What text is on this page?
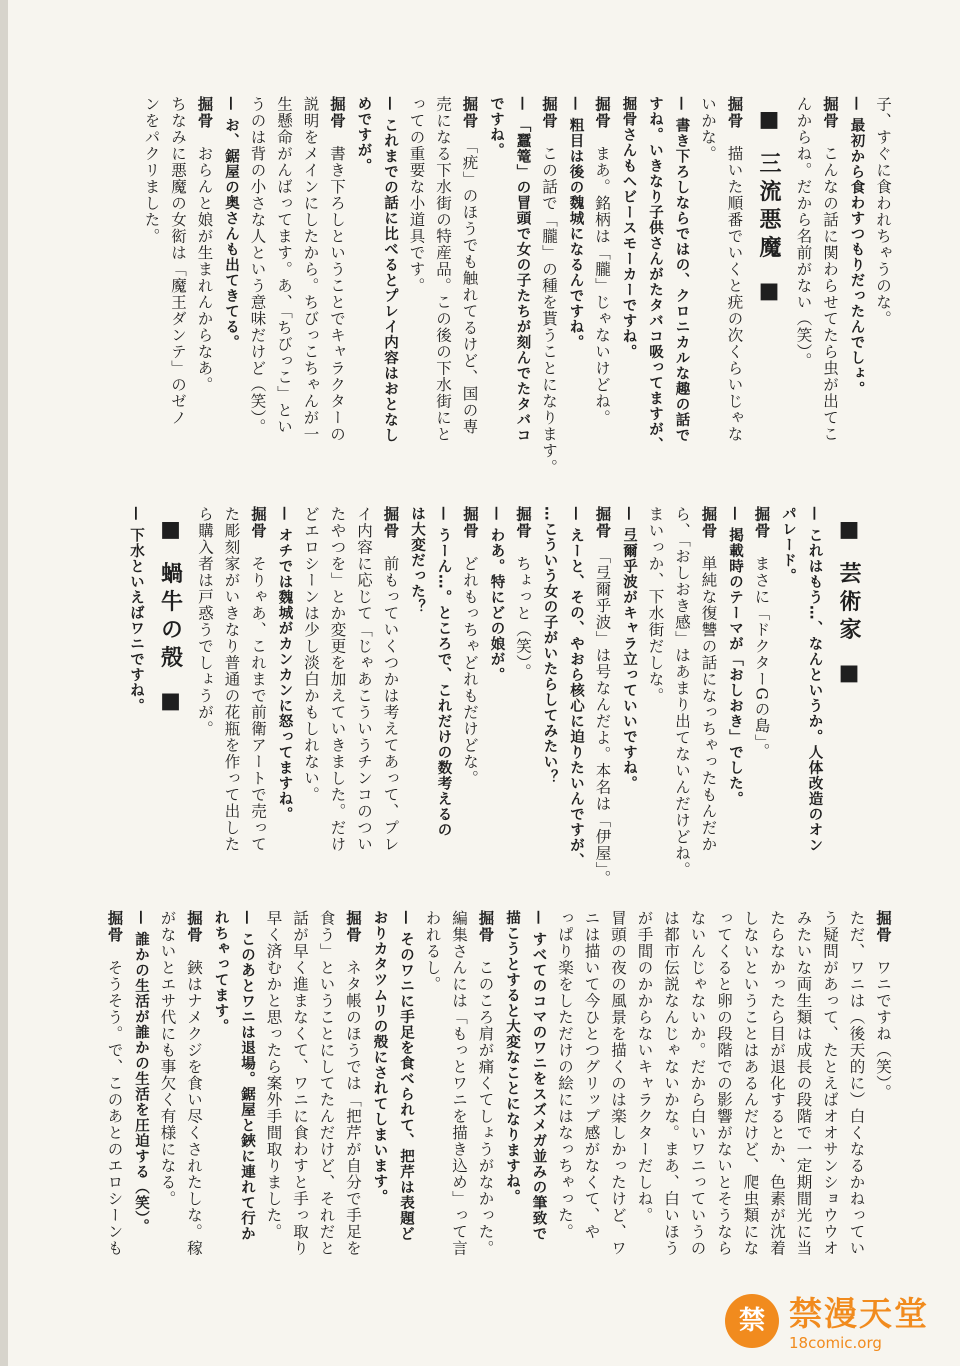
子、すぐに食われちゃうのな。
— 最初から食わすつもりだったんでしょ。
掘骨　こんなの話に関わらせてたら虫が出てこ
んからね。だから名前がない（笑）。
■ 三流悪魔 ■
掘骨　描いた順番でいくと疣の次くらいじゃな
いかな。
— 書き下ろしならではの、クロニカルな趣の話で
すね。いきなり子供さんがたタバコ吸ってますが、
掘骨さんもヘビースモーカーですね。
掘骨　まあ。銘柄は「朧」じゃないけどね。
— 粗目は後の魏城になるんですね。
掘骨　この話で「朧」の種を貰うことになります。
— 「蠶篭」の冒頭で女の子たちが刻んでたタバコ
ですね。
掘骨　「疣」のほうでも触れてるけど、国の専
売になる下水街の特産品。この後の下水街にと
っての重要な小道具です。
— これまでの話に比べるとプレイ内容はおとなし
めですが。
掘骨　書き下ろしということでキャラクターの
説明をメインにしたから。ちびっこちゃんが一
生懸命がんばってます。あ、「ちびっこ」とい
うのは背の小さな人という意味だけど（笑）。
— お、鋸屋の奥さんも出てきてる。
掘骨　おらんと娘が生まれんからなあ。
ちなみに悪魔の女衒は「魔王ダンテ」のゼノ
ンをパクリました。
■ 芸術家 ■
— これはもう…、なんというか。人体改造のオン
パレード。
掘骨　まさに「ドクターGの島」。
— 掲載時のテーマが「おしおき」でした。
掘骨　単純な復讐の話になっちゃったもんだか
ら、「おしおき感」はあまり出てないんだけどね。
まいっか、下水街だしな。
— 弖爾乎波がキャラ立っていいですね。
掘骨　「弖爾乎波」は号なんだよ。本名は「伊屋」。
— えーと、その、やおら核心に迫りたいんですが、
…こういう女の子がいたらしてみたい？
掘骨　ちょっと（笑）。
— わあ。特にどの娘が。
掘骨　どれもっちゃどれもだけどな。
— うーん…。ところで、これだけの数考えるの
は大変だった？
掘骨　前もっていくつかは考えてあって、プレ
イ内容に応じて「じゃあこういうチンコのつい
たやつを」とか変更を加えていきました。だけ
どエロシーンは少し淡白かもしれない。
— オチでは魏城がカンカンに怒ってますね。
掘骨　そりゃあ、これまで前衛アートで売って
た彫刻家がいきなり普通の花瓶を作って出した
ら購入者は戸惑うでしょうが。
■ 蝸牛の殻 ■
— 下水といえばワニですね。
掘骨　ワニですね（笑）。
ただ、ワニは（後天的に）白くなるかねってい
う疑問があって、たとえばオオサンショウウオ
みたいな両生類は成長の段階で一定期間光に当
たらなかったら目が退化するとか、色素が沈着
しないということはあるんだけど、爬虫類にな
ってくると卵の段階での影響がないとそうなら
ないんじゃないか。だから白いワニっていうの
は都市伝説なんじゃないかな。まあ、白いほう
が手間のかからないキャラクターだしね。
冒頭の夜の風景を描くのは楽しかったけど、ワ
ニは描いて今ひとつグリップ感がなくて、や
っぱり楽をしただけの絵にはなっちゃった。
— すべてのコマのワニをスズメガ並みの筆致で
描こうとすると大変なことになりますね。
掘骨　このころ肩が痛くてしょうがなかった。
編集さんには「もっとワニを描き込め」って言
われるし。
— そのワニに手足を食べられて、把芹は表題ど
おりカタツムリの殻にされてしまいます。
掘骨　ネタ帳のほうでは「把芹が自分で手足を
食う」ということにしてたんだけど、それだと
話が早く進まなくて、ワニに食わすと手っ取り
早く済むかと思ったら案外手間取りました。
— このあとワニは退場。鋸屋と鋏に連れて行か
れちゃってます。
掘骨　鋏はナメクジを食い尽くされたしな。稼
がないとエサ代にも事欠く有様になる。
— 誰かの生活が誰かの生活を圧迫する（笑）。
掘骨　そうそう。で、このあとのエロシーンも
禁 禁漫天堂
18comic.org
